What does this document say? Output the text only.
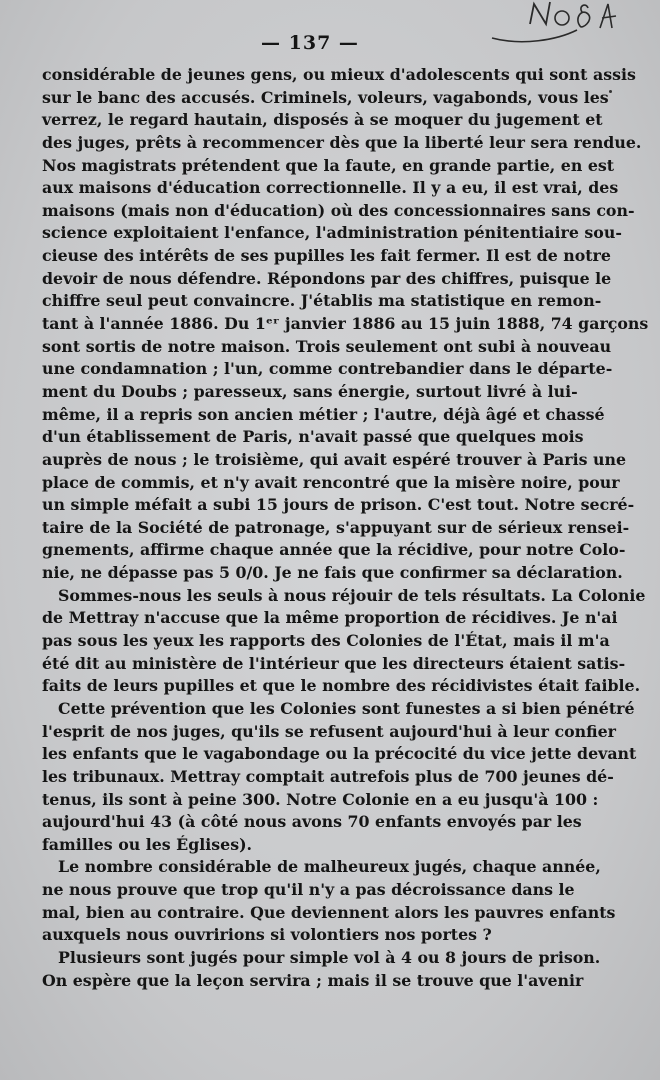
— 137 —
considérable de jeunes gens, ou mieux d'adolescents qui sont assis
sur le banc des accusés. Criminels, voleurs, vagabonds, vous les
verrez, le regard hautain, disposés à se moquer du jugement et
des juges, prêts à recommencer dès que la liberté leur sera rendue.
Nos magistrats prétendent que la faute, en grande partie, en est
aux maisons d'éducation correctionnelle. Il y a eu, il est vrai, des
maisons (mais non d'éducation) où des concessionnaires sans con-
science exploitaient l'enfance, l'administration pénitentiaire sou-
cieuse des intérêts de ses pupilles les fait fermer. Il est de notre
devoir de nous défendre. Répondons par des chiffres, puisque le
chiffre seul peut convaincre. J'établis ma statistique en remon-
tant à l'année 1886. Du 1ᵉʳ janvier 1886 au 15 juin 1888, 74 garçons
sont sortis de notre maison. Trois seulement ont subi à nouveau
une condamnation ; l'un, comme contrebandier dans le départe-
ment du Doubs ; paresseux, sans énergie, surtout livré à lui-
même, il a repris son ancien métier ; l'autre, déjà âgé et chassé
d'un établissement de Paris, n'avait passé que quelques mois
auprès de nous ; le troisième, qui avait espéré trouver à Paris une
place de commis, et n'y avait rencontré que la misère noire, pour
un simple méfait a subi 15 jours de prison. C'est tout. Notre secré-
taire de la Société de patronage, s'appuyant sur de sérieux rensei-
gnements, affirme chaque année que la récidive, pour notre Colo-
nie, ne dépasse pas 5 0/0. Je ne fais que confirmer sa déclaration.
Sommes-nous les seuls à nous réjouir de tels résultats. La Colonie
de Mettray n'accuse que la même proportion de récidives. Je n'ai
pas sous les yeux les rapports des Colonies de l'État, mais il m'a
été dit au ministère de l'intérieur que les directeurs étaient satis-
faits de leurs pupilles et que le nombre des récidivistes était faible.
Cette prévention que les Colonies sont funestes a si bien pénétré
l'esprit de nos juges, qu'ils se refusent aujourd'hui à leur confier
les enfants que le vagabondage ou la précocité du vice jette devant
les tribunaux. Mettray comptait autrefois plus de 700 jeunes dé-
tenus, ils sont à peine 300. Notre Colonie en a eu jusqu'à 100 :
aujourd'hui 43 (à côté nous avons 70 enfants envoyés par les
familles ou les Églises).
Le nombre considérable de malheureux jugés, chaque année,
ne nous prouve que trop qu'il n'y a pas décroissance dans le
mal, bien au contraire. Que deviennent alors les pauvres enfants
auxquels nous ouvririons si volontiers nos portes ?
Plusieurs sont jugés pour simple vol à 4 ou 8 jours de prison.
On espère que la leçon servira ; mais il se trouve que l'avenir
